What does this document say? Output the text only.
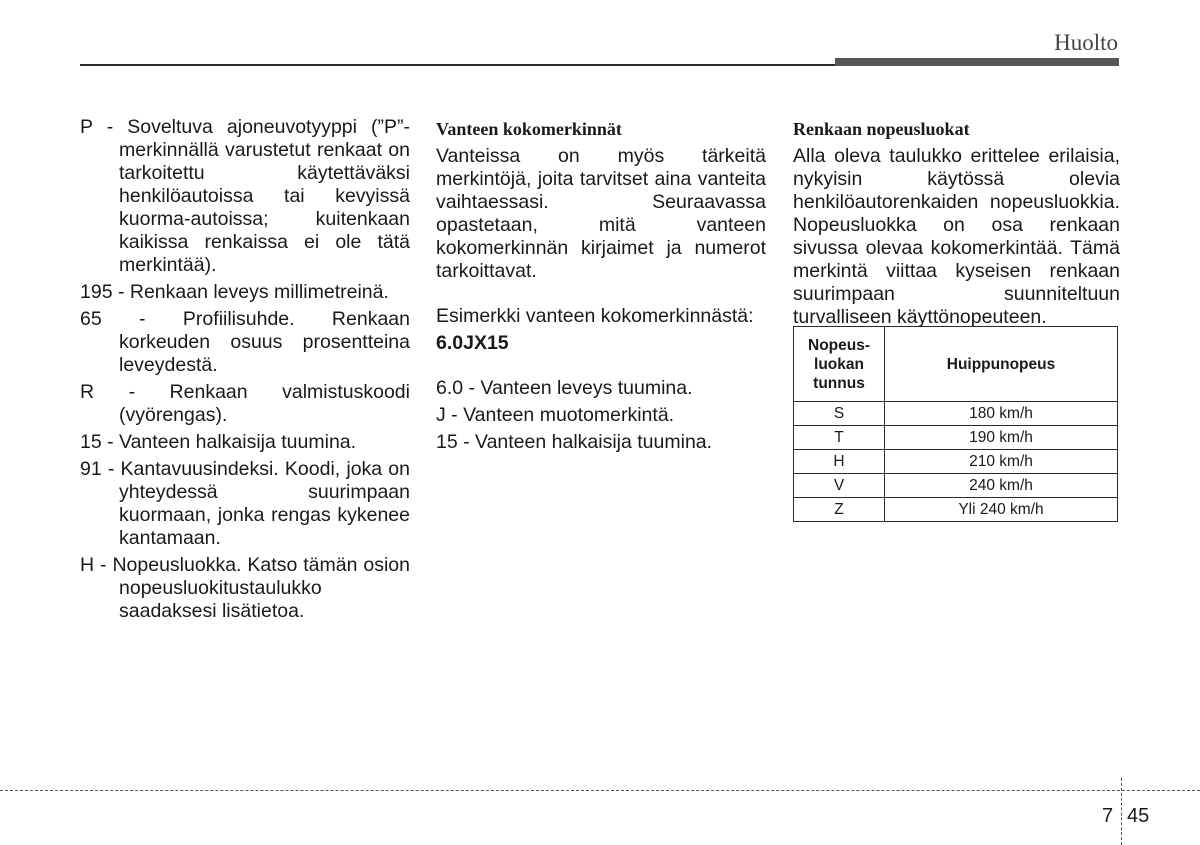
Huolto

P - Soveltuva ajoneuvotyyppi (”P”-merkinnällä varustetut renkaat on tarkoitettu käytettäväksi henkilöautoissa tai kevyissä kuorma-autoissa; kuitenkaan kaikissa renkaissa ei ole tätä merkintää).

195 - Renkaan leveys millimetreinä.

65 - Profiilisuhde. Renkaan korkeuden osuus prosentteina leveydestä.

R - Renkaan valmistuskoodi (vyörengas).

15 - Vanteen halkaisija tuumina.

91 - Kantavuusindeksi. Koodi, joka on yhteydessä suurimpaan kuormaan, jonka rengas kykenee kantamaan.

H - Nopeusluokka. Katso tämän osion nopeusluokitustaulukko saadaksesi lisätietoa.

Vanteen kokomerkinnät

Vanteissa on myös tärkeitä merkintöjä, joita tarvitset aina vanteita vaihtaessasi. Seuraavassa opastetaan, mitä vanteen kokomerkinnän kirjaimet ja numerot tarkoittavat.

Esimerkki vanteen kokomerkinnästä:

6.0JX15

6.0 - Vanteen leveys tuumina.

J - Vanteen muotomerkintä.

15 - Vanteen halkaisija tuumina.

Renkaan nopeusluokat

Alla oleva taulukko erittelee erilaisia, nykyisin käytössä olevia henkilöautorenkaiden nopeusluokkia. Nopeusluokka on osa renkaan sivussa olevaa kokomerkintää. Tämä merkintä viittaa kyseisen renkaan suurimpaan suunniteltuun turvalliseen käyttönopeuteen.

Nopeus-
luokan
tunnus	Huippunopeus
S	180 km/h
T	190 km/h
H	210 km/h
V	240 km/h
Z	Yli 240 km/h
7 45
